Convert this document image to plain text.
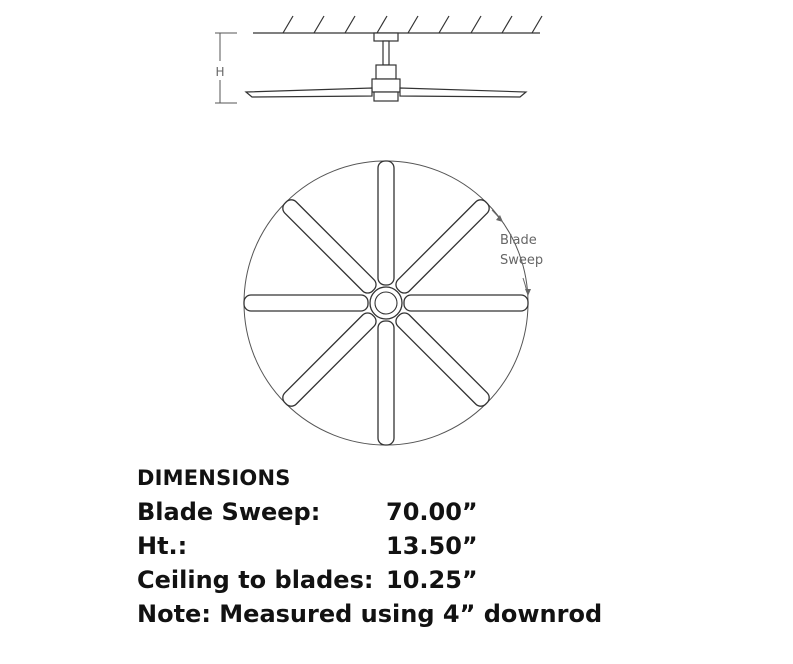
H
Blade
Sweep
DIMENSIONS
Blade Sweep:	70.00”
Ht.:	13.50”
Ceiling to blades: 10.25”
Note: Measured using 4” downrod
